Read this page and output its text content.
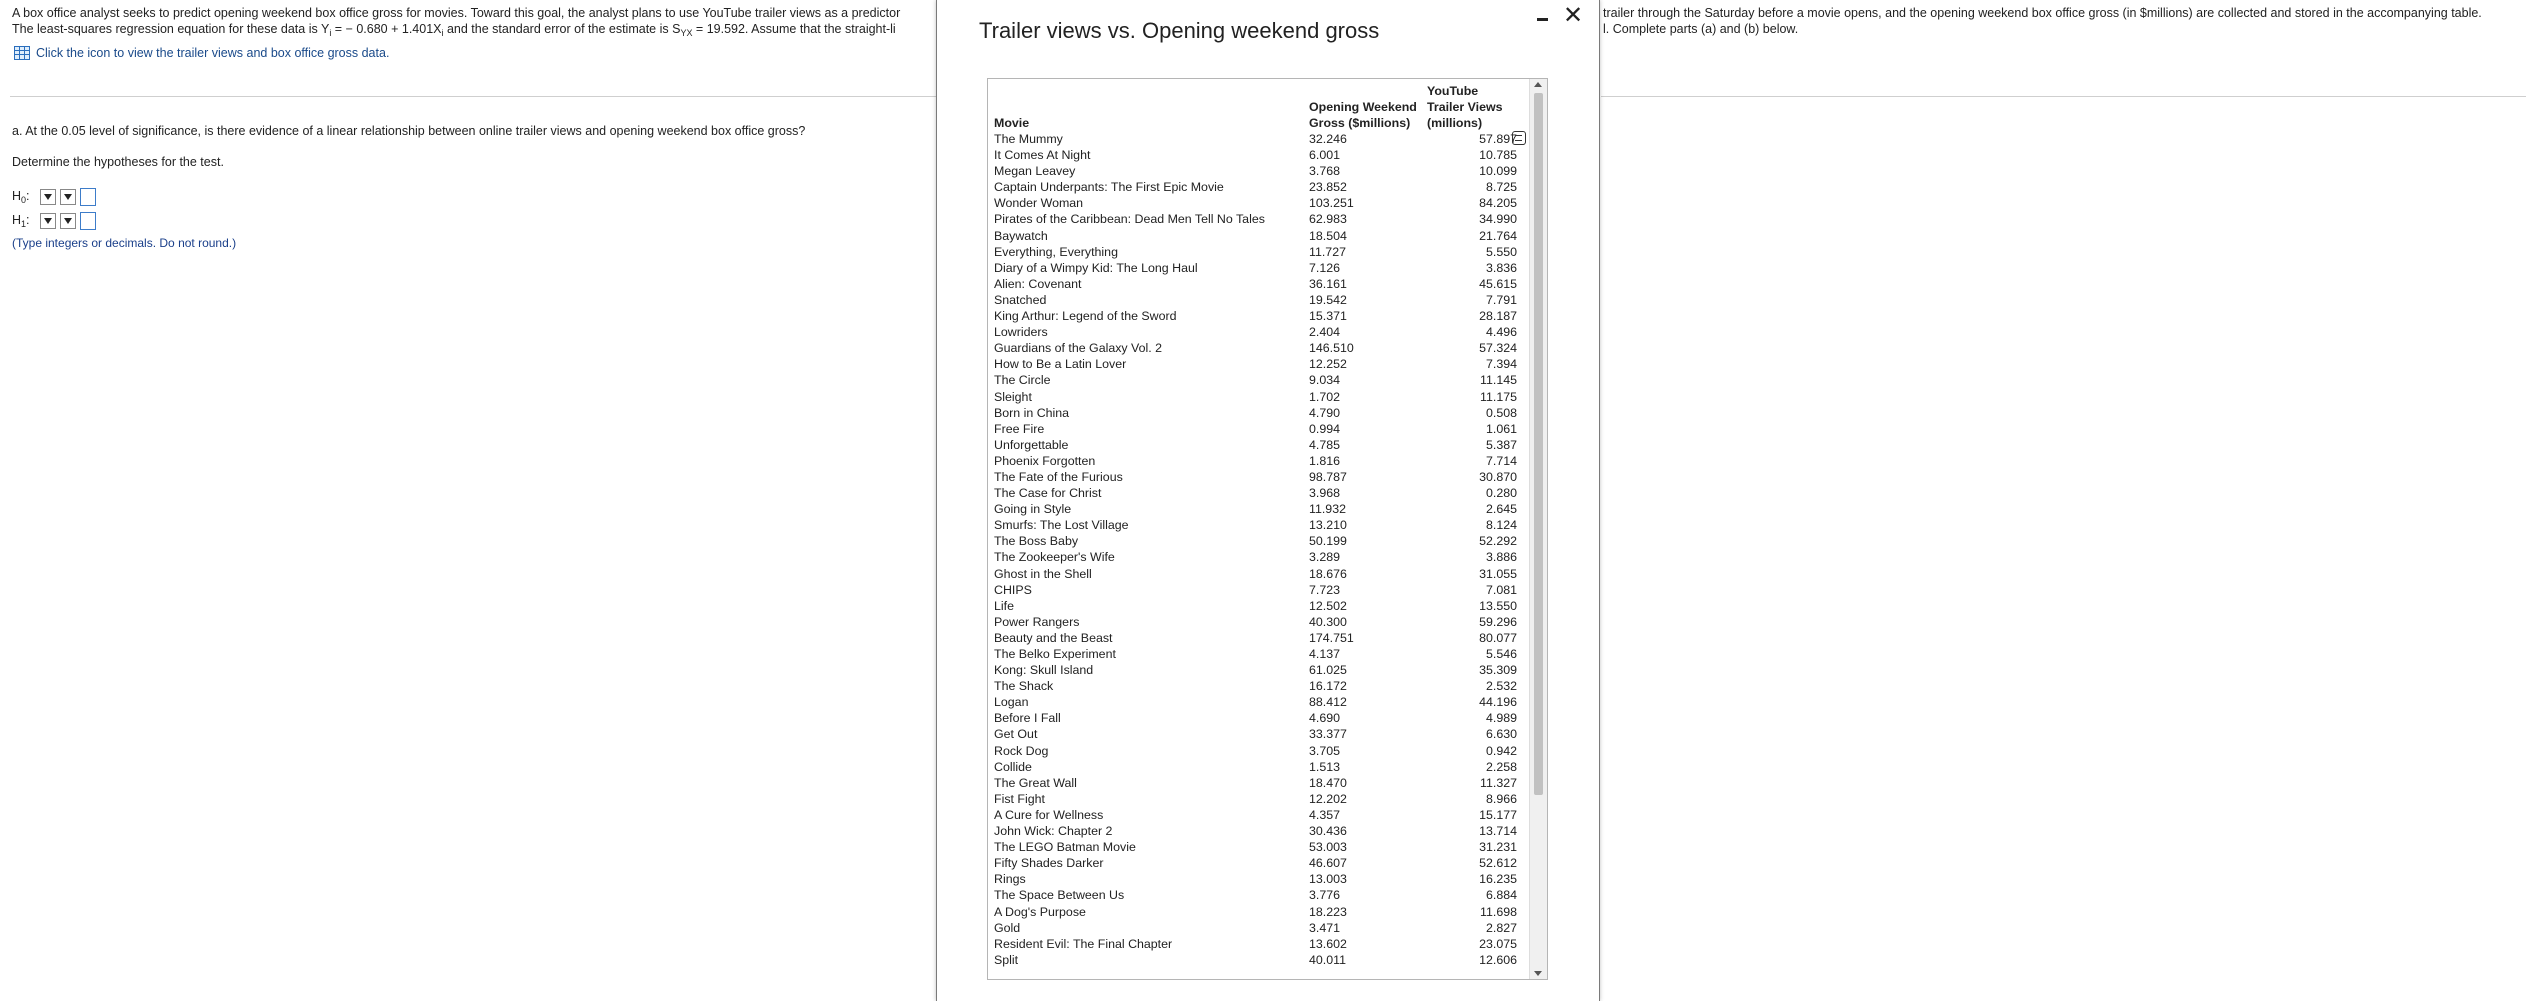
A box office analyst seeks to predict opening weekend box office gross for movies. Toward this goal, the analyst plans to use YouTube trailer views as a predictor
The least-squares regression equation for these data is $Y_i$ = − $0.680 + 1.401X_i$ and the standard error of the estimate is $S_{YX} = 19.592$. Assume that the straight-li
trailer through the Saturday before a movie opens, and the opening weekend box office gross (in $millions) are collected and stored in the accompanying table.
l. Complete parts (a) and (b) below.
Click the icon to view the trailer views and box office gross data.
a. At the 0.05 level of significance, is there evidence of a linear relationship between online trailer views and opening weekend box office gross?
Determine the hypotheses for the test.
$H_0$:
$H_1$:
(Type integers or decimals. Do not round.)
Trailer views vs. Opening weekend gross
✕
Movie	Opening Weekend Gross ($millions)	YouTube Trailer Views (millions)
The Mummy	32.246	57.897
It Comes At Night	6.001	10.785
Megan Leavey	3.768	10.099
Captain Underpants: The First Epic Movie	23.852	8.725
Wonder Woman	103.251	84.205
Pirates of the Caribbean: Dead Men Tell No Tales	62.983	34.990
Baywatch	18.504	21.764
Everything, Everything	11.727	5.550
Diary of a Wimpy Kid: The Long Haul	7.126	3.836
Alien: Covenant	36.161	45.615
Snatched	19.542	7.791
King Arthur: Legend of the Sword	15.371	28.187
Lowriders	2.404	4.496
Guardians of the Galaxy Vol. 2	146.510	57.324
How to Be a Latin Lover	12.252	7.394
The Circle	9.034	11.145
Sleight	1.702	11.175
Born in China	4.790	0.508
Free Fire	0.994	1.061
Unforgettable	4.785	5.387
Phoenix Forgotten	1.816	7.714
The Fate of the Furious	98.787	30.870
The Case for Christ	3.968	0.280
Going in Style	11.932	2.645
Smurfs: The Lost Village	13.210	8.124
The Boss Baby	50.199	52.292
The Zookeeper's Wife	3.289	3.886
Ghost in the Shell	18.676	31.055
CHIPS	7.723	7.081
Life	12.502	13.550
Power Rangers	40.300	59.296
Beauty and the Beast	174.751	80.077
The Belko Experiment	4.137	5.546
Kong: Skull Island	61.025	35.309
The Shack	16.172	2.532
Logan	88.412	44.196
Before I Fall	4.690	4.989
Get Out	33.377	6.630
Rock Dog	3.705	0.942
Collide	1.513	2.258
The Great Wall	18.470	11.327
Fist Fight	12.202	8.966
A Cure for Wellness	4.357	15.177
John Wick: Chapter 2	30.436	13.714
The LEGO Batman Movie	53.003	31.231
Fifty Shades Darker	46.607	52.612
Rings	13.003	16.235
The Space Between Us	3.776	6.884
A Dog's Purpose	18.223	11.698
Gold	3.471	2.827
Resident Evil: The Final Chapter	13.602	23.075
Split	40.011	12.606
